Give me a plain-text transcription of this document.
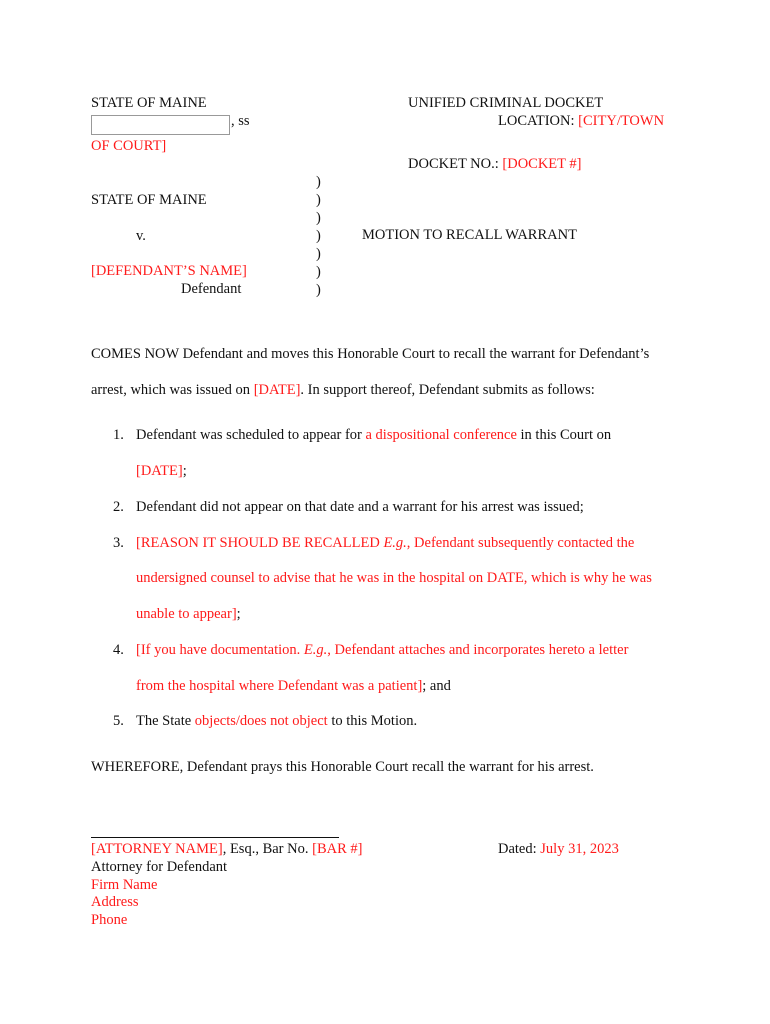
STATE OF MAINE
, ss
UNIFIED CRIMINAL DOCKET
LOCATION: [CITY/TOWN
OF COURT]
DOCKET NO.: [DOCKET #]
)
)
)
)
)
)
)
STATE OF MAINE
v.
[DEFENDANT’S NAME]
Defendant
MOTION TO RECALL WARRANT
COMES NOW Defendant and moves this Honorable Court to recall the warrant for Defendant’s
arrest, which was issued on [DATE]. In support thereof, Defendant submits as follows:
1. Defendant was scheduled to appear for a dispositional conference in this Court on
[DATE];
2. Defendant did not appear on that date and a warrant for his arrest was issued;
3. [REASON IT SHOULD BE RECALLED E.g., Defendant subsequently contacted the
undersigned counsel to advise that he was in the hospital on DATE, which is why he was
unable to appear];
4. [If you have documentation. E.g., Defendant attaches and incorporates hereto a letter
from the hospital where Defendant was a patient]; and
5. The State objects/does not object to this Motion.
WHEREFORE, Defendant prays this Honorable Court recall the warrant for his arrest.
[ATTORNEY NAME], Esq., Bar No. [BAR #]	Dated: July 31, 2023
Attorney for Defendant
Firm Name
Address
Phone
